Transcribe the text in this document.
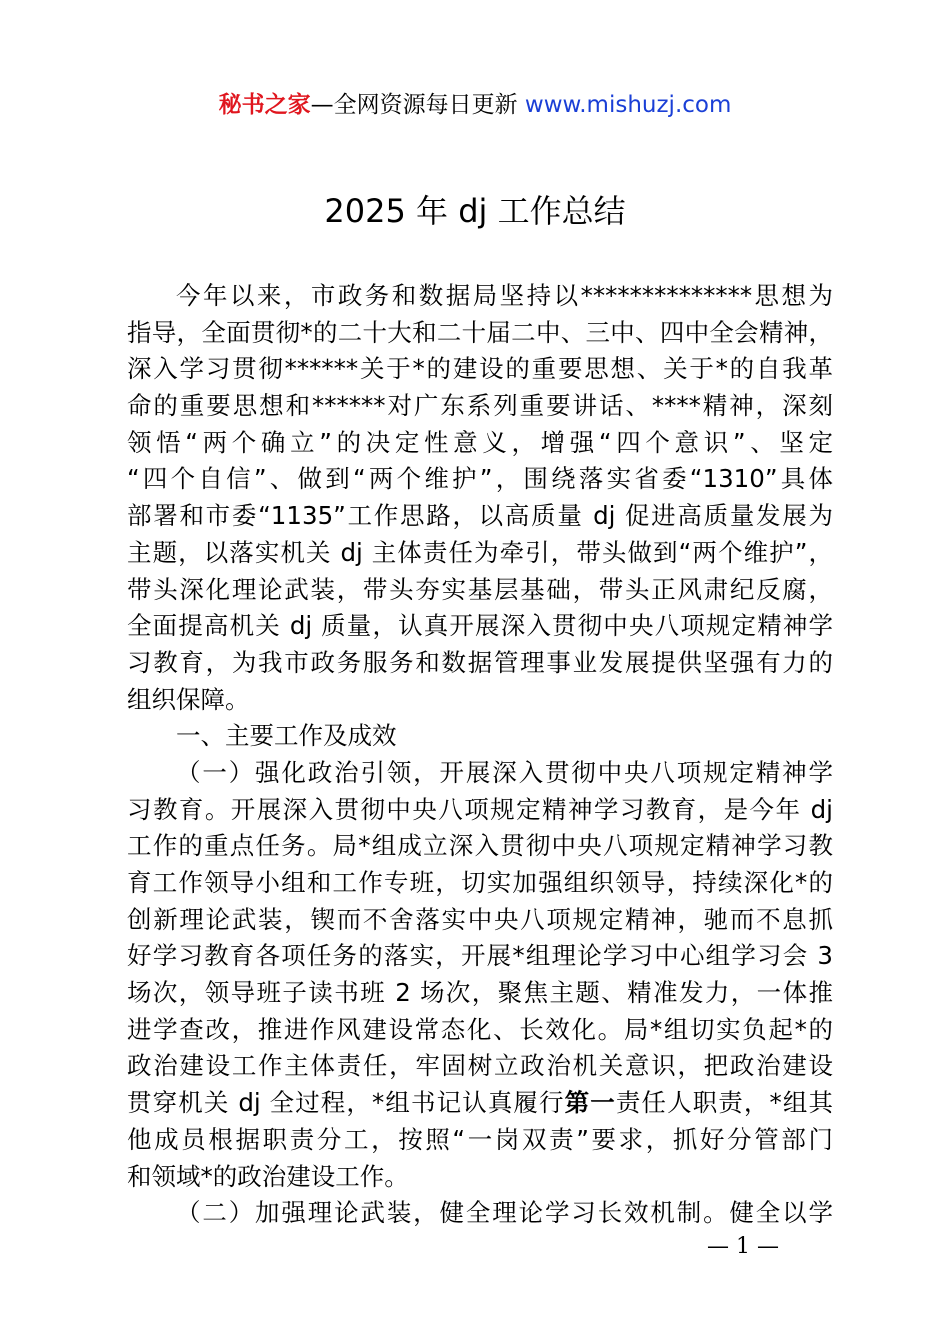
秘书之家—全网资源每日更新 www.mishuzj.com
2025 年 dj 工作总结
今年以来，市政务和数据局坚持以**************思想为
指导，全面贯彻*的二十大和二十届二中、三中、四中全会精神，
深入学习贯彻******关于*的建设的重要思想、关于*的自我革
命的重要思想和******对广东系列重要讲话、****精神，深刻
领悟“两个确立”的决定性意义，增强“四个意识”、坚定
“四个自信”、做到“两个维护”，围绕落实省委“1310”具体
部署和市委“1135”工作思路，以高质量 dj 促进高质量发展为
主题，以落实机关 dj 主体责任为牵引，带头做到“两个维护”，
带头深化理论武装，带头夯实基层基础，带头正风肃纪反腐，
全面提高机关 dj 质量，认真开展深入贯彻中央八项规定精神学
习教育，为我市政务服务和数据管理事业发展提供坚强有力的
组织保障。
一、主要工作及成效
（一）强化政治引领，开展深入贯彻中央八项规定精神学
习教育。开展深入贯彻中央八项规定精神学习教育，是今年 dj
工作的重点任务。局*组成立深入贯彻中央八项规定精神学习教
育工作领导小组和工作专班，切实加强组织领导，持续深化*的
创新理论武装，锲而不舍落实中央八项规定精神，驰而不息抓
好学习教育各项任务的落实，开展*组理论学习中心组学习会 3
场次，领导班子读书班 2 场次，聚焦主题、精准发力，一体推
进学查改，推进作风建设常态化、长效化。局*组切实负起*的
政治建设工作主体责任，牢固树立政治机关意识，把政治建设
贯穿机关 dj 全过程，*组书记认真履行第一责任人职责，*组其
他成员根据职责分工，按照“一岗双责”要求，抓好分管部门
和领域*的政治建设工作。
（二）加强理论武装，健全理论学习长效机制。健全以学
— 1 —
